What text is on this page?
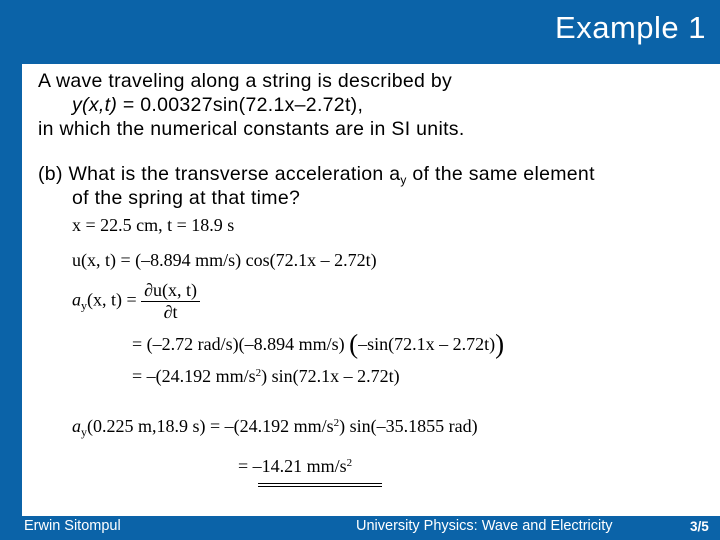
Example 1
A wave traveling along a string is described by
y(x,t) = 0.00327sin(72.1x–2.72t),
in which the numerical constants are in SI units.
(b) What is the transverse acceleration $a_y$ of the same element
of the spring at that time?
x = 22.5 cm, t = 18.9 s
u(x, t) = (–8.894 mm/s) cos(72.1x – 2.72t)
$a_y(x$, $t) = \frac{\partial u(x, t)}{\partial t}$
= (–2.72 rad/s)(–8.894 mm/s) (–sin(72.1x – 2.72t))
= –(24.192 $mm/s^2$) sin(72.1x – 2.72t)
$a_y(0.225$ m,18.9 s) = –(24.192 $mm/s^2$) sin(–35.1855 rad)
= –14.21 $mm/s^2$
Erwin Sitompul	University Physics: Wave and Electricity	3/5
